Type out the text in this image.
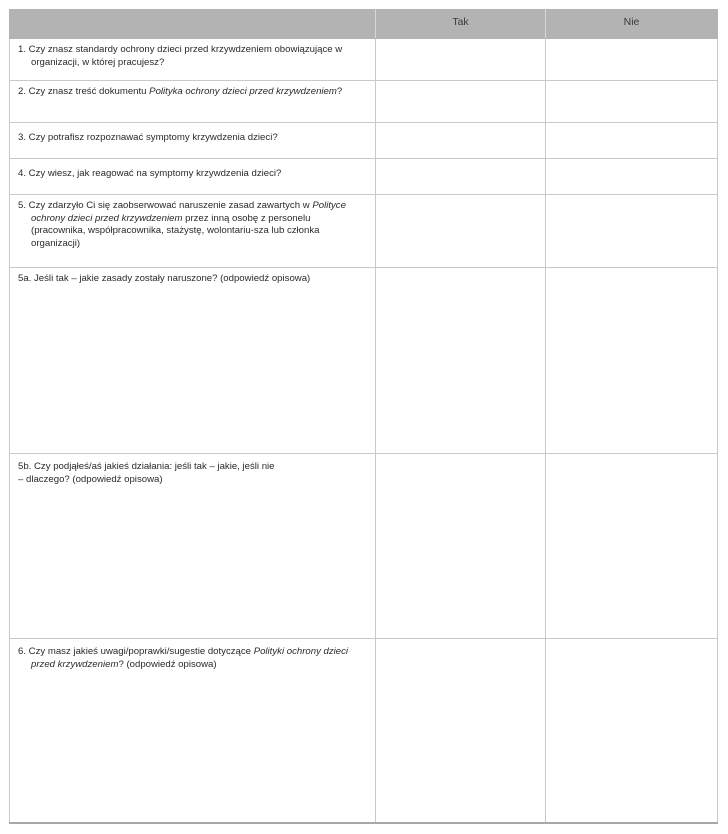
	Tak	Nie

1. Czy znasz standardy ochrony dzieci przed krzywdzeniem obowiązujące w organizacji, w której pracujesz?		

2. Czy znasz treść dokumentu Polityka ochrony dzieci przed krzywdzeniem?		

3. Czy potrafisz rozpoznawać symptomy krzywdzenia dzieci?		

4. Czy wiesz, jak reagować na symptomy krzywdzenia dzieci?		

5. Czy zdarzyło Ci się zaobserwować naruszenie zasad zawartych w Polityce ochrony dzieci przed krzywdzeniem przez inną osobę z personelu (pracownika, współpracownika, stażystę, wolontariu-sza lub członka organizacji)		

5a. Jeśli tak – jakie zasady zostały naruszone? (odpowiedź opisowa)		

5b. Czy podjąłeś/aś jakieś działania: jeśli tak – jakie, jeśli nie – dlaczego? (odpowiedź opisowa)		

6. Czy masz jakieś uwagi/poprawki/sugestie dotyczące Polityki ochrony dzieci przed krzywdzeniem? (odpowiedź opisowa)		
